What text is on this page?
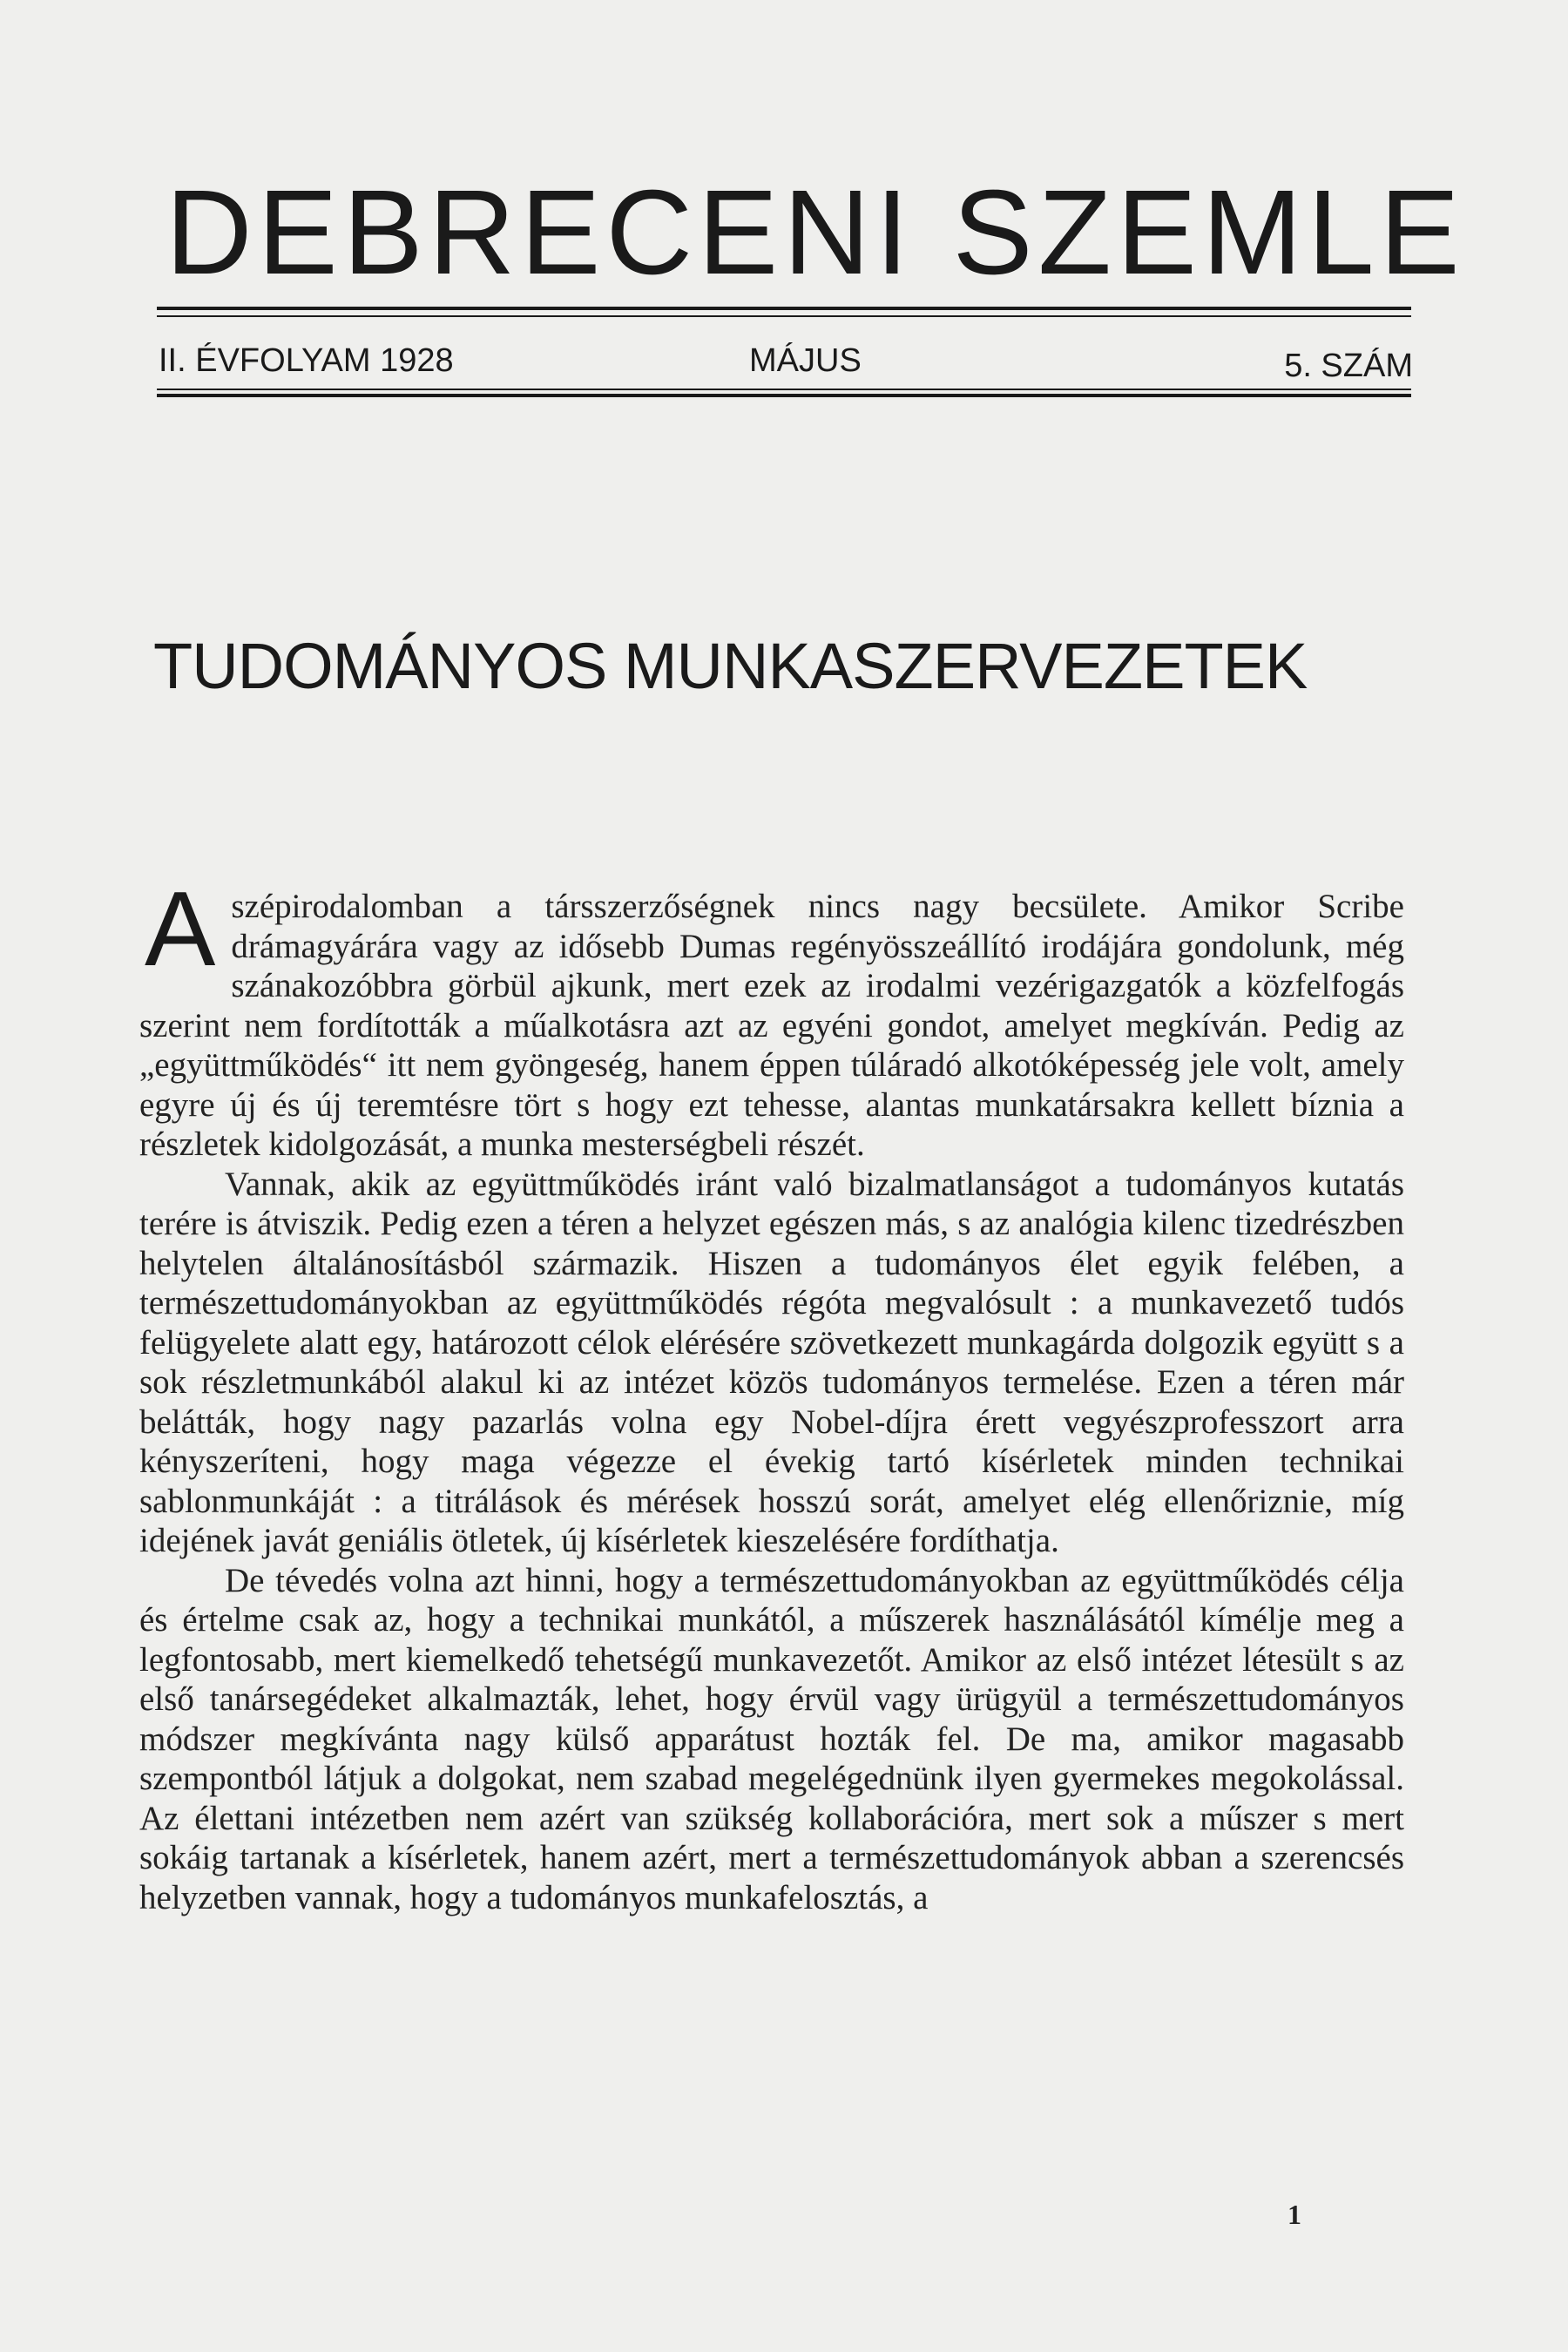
DEBRECENI SZEMLE
II. ÉVFOLYAM 1928	MÁJUS	5. SZÁM
TUDOMÁNYOS MUNKASZERVEZETEK

Aszépirodalomban a társszerzőségnek nincs nagy becsülete. Amikor Scribe drámagyárára vagy az idősebb Dumas regényösszeállító irodájára gondolunk, még szánakozóbbra görbül ajkunk, mert ezek az irodalmi vezérigazgatók a közfelfogás szerint nem fordították a műalkotásra azt az egyéni gondot, amelyet megkíván. Pedig az „együttműködés“ itt nem gyöngeség, hanem éppen túláradó alkotóképesség jele volt, amely egyre új és új teremtésre tört s hogy ezt tehesse, alantas munkatársakra kellett bíznia a részletek kidolgozását, a munka mesterségbeli részét.

Vannak, akik az együttműködés iránt való bizalmatlanságot a tudományos kutatás terére is átviszik. Pedig ezen a téren a helyzet egészen más, s az analógia kilenc tizedrészben helytelen általánosításból származik. Hiszen a tudományos élet egyik felében, a természettudományokban az együttműködés régóta megvalósult : a munkavezető tudós felügyelete alatt egy, határozott célok elérésére szövetkezett munkagárda dolgozik együtt s a sok részletmunkából alakul ki az intézet közös tudományos termelése. Ezen a téren már belátták, hogy nagy pazarlás volna egy Nobel-díjra érett vegyészprofesszort arra kényszeríteni, hogy maga végezze el évekig tartó kísérletek minden technikai sablonmunkáját : a titrálások és mérések hosszú sorát, amelyet elég ellenőriznie, míg idejének javát geniális ötletek, új kísérletek kieszelésére fordíthatja.

De tévedés volna azt hinni, hogy a természettudományokban az együttműködés célja és értelme csak az, hogy a technikai munkától, a műszerek használásától kímélje meg a legfontosabb, mert kiemelkedő tehetségű munkavezetőt. Amikor az első intézet létesült s az első tanársegédeket alkalmazták, lehet, hogy érvül vagy ürügyül a természettudományos módszer megkívánta nagy külső apparátust hozták fel. De ma, amikor magasabb szempontból látjuk a dolgokat, nem szabad megelégednünk ilyen gyermekes megokolással. Az élettani intézetben nem azért van szükség kollaborációra, mert sok a műszer s mert sokáig tartanak a kísérletek, hanem azért, mert a természettudományok abban a szerencsés helyzetben vannak, hogy a tudományos munkafelosztás, a

1
